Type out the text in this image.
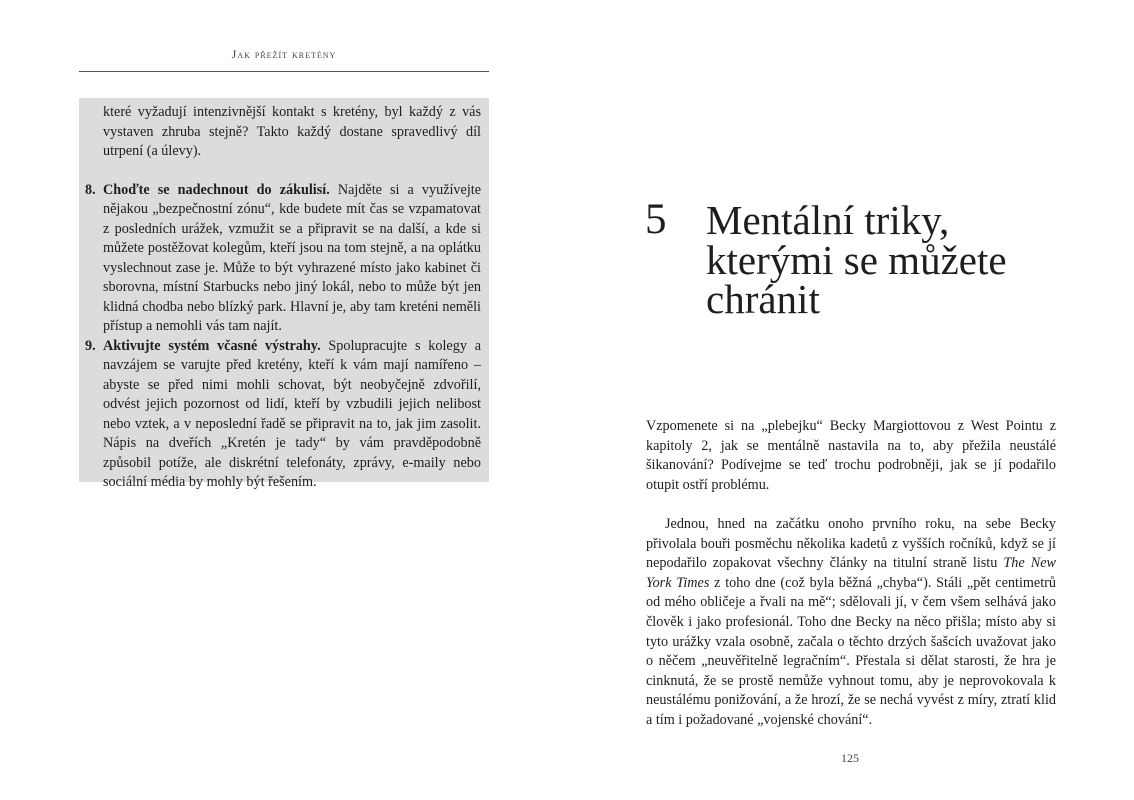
Jak přežít kretény

které vyžadují intenzivnější kontakt s kretény, byl každý z vás vystaven zhruba stejně? Takto každý dostane spravedlivý díl utrpení (a úlevy).

8. Choďte se nadechnout do zákulisí. Najděte si a využívejte nějakou „bezpečnostní zónu“, kde budete mít čas se vzpamatovat z posledních urážek, vzmužit se a připravit se na další, a kde si můžete postěžovat kolegům, kteří jsou na tom stejně, a na oplátku vyslechnout zase je. Může to být vyhrazené místo jako kabinet či sborovna, místní Starbucks nebo jiný lokál, nebo to může být jen klidná chodba nebo blízký park. Hlavní je, aby tam kreténi neměli přístup a nemohli vás tam najít.

9. Aktivujte systém včasné výstrahy. Spolupracujte s kolegy a navzájem se varujte před kretény, kteří k vám mají namířeno – abyste se před nimi mohli schovat, být neobyčejně zdvořilí, odvést jejich pozornost od lidí, kteří by vzbudili jejich nelibost nebo vztek, a v neposlední řadě se připravit na to, jak jim zasolit. Nápis na dveřích „Kretén je tady“ by vám pravděpodobně způsobil potíže, ale diskrétní telefonáty, zprávy, e-maily nebo sociální média by mohly být řešením.

5 Mentální triky, kterými se můžete chránit

Vzpomenete si na „plebejku“ Becky Margiottovou z West Pointu z kapitoly 2, jak se mentálně nastavila na to, aby přežila neustálé šikanování? Podívejme se teď trochu podrobněji, jak se jí podařilo otupit ostří problému.

Jednou, hned na začátku onoho prvního roku, na sebe Becky přivolala bouři posměchu několika kadetů z vyšších ročníků, když se jí nepodařilo zopakovat všechny články na titulní straně listu The New York Times z toho dne (což byla běžná „chyba“). Stáli „pět centimetrů od mého obličeje a řvali na mě“; sdělovali jí, v čem všem selhává jako člověk i jako profesionál. Toho dne Becky na něco přišla; místo aby si tyto urážky vzala osobně, začala o těchto drzých šašcích uvažovat jako o něčem „neuvěřitelně legračním“. Přestala si dělat starosti, že hra je cinknutá, že se prostě nemůže vyhnout tomu, aby je neprovokovala k neustálému ponižování, a že hrozí, že se nechá vyvést z míry, ztratí klid a tím i požadované „vojenské chování“.

125
